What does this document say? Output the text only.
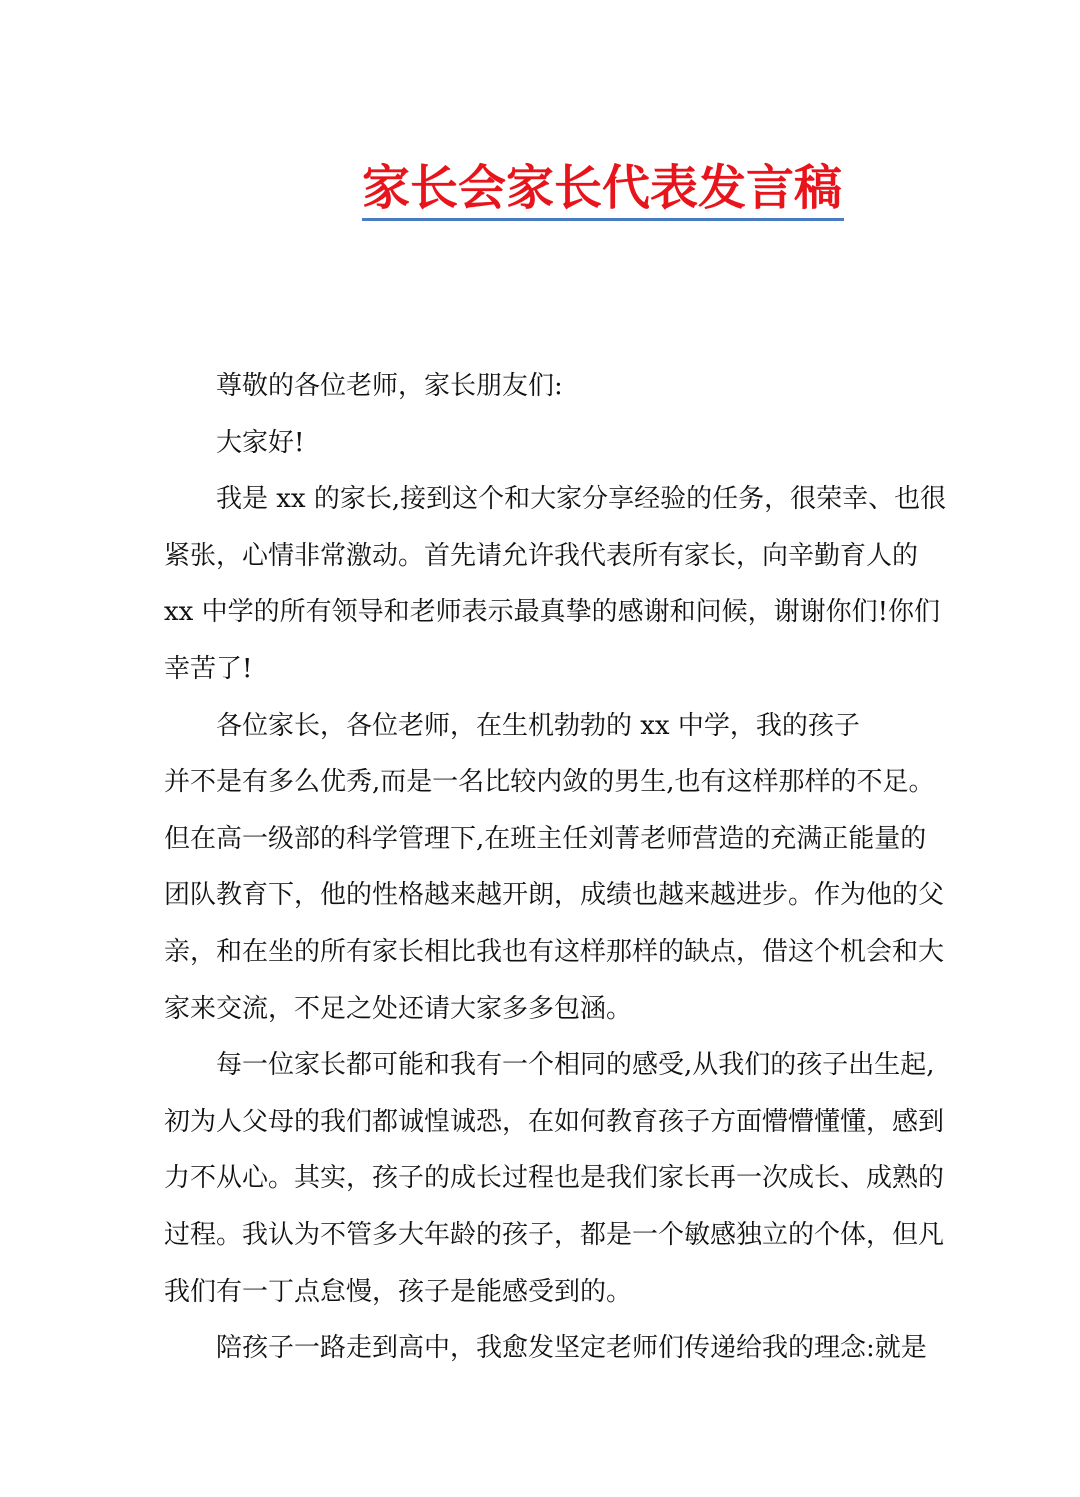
家长会家长代表发言稿

尊敬的各位老师，家长朋友们:

大家好!

我是 xx 的家长,接到这个和大家分享经验的任务，很荣幸、也很
紧张，心情非常激动。首先请允许我代表所有家长，向辛勤育人的
xx 中学的所有领导和老师表示最真挚的感谢和问候，谢谢你们!你们
幸苦了!

各位家长，各位老师，在生机勃勃的 xx 中学，我的孩子
并不是有多么优秀,而是一名比较内敛的男生,也有这样那样的不足。
但在高一级部的科学管理下,在班主任刘菁老师营造的充满正能量的
团队教育下，他的性格越来越开朗，成绩也越来越进步。作为他的父
亲，和在坐的所有家长相比我也有这样那样的缺点，借这个机会和大
家来交流，不足之处还请大家多多包涵。

每一位家长都可能和我有一个相同的感受,从我们的孩子出生起,
初为人父母的我们都诚惶诚恐，在如何教育孩子方面懵懵懂懂，感到
力不从心。其实，孩子的成长过程也是我们家长再一次成长、成熟的
过程。我认为不管多大年龄的孩子，都是一个敏感独立的个体，但凡
我们有一丁点怠慢，孩子是能感受到的。

陪孩子一路走到高中，我愈发坚定老师们传递给我的理念:就是
